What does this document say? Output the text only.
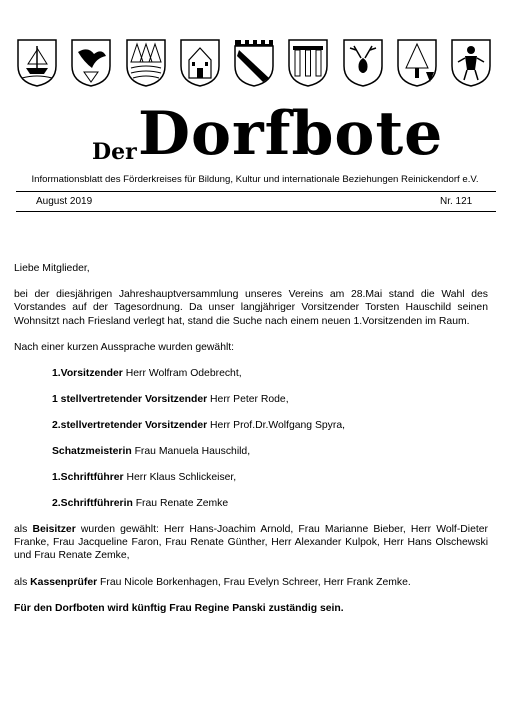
Der Dorfbote
Informationsblatt des Förderkreises für Bildung, Kultur und internationale Beziehungen Reinickendorf e.V.
August 2019	Nr. 121

Liebe Mitglieder,

bei der diesjährigen Jahreshauptversammlung unseres Vereins am 28.Mai stand die Wahl des Vorstandes auf der Tagesordnung. Da unser langjähriger Vorsitzender Torsten Hauschild seinen Wohnsitzt nach Friesland verlegt hat, stand die Suche nach einem neuen 1.Vorsitzenden im Raum.

Nach einer kurzen Aussprache wurden gewählt:

1.Vorsitzender Herr Wolfram Odebrecht,
1 stellvertretender Vorsitzender Herr Peter Rode,
2.stellvertretender Vorsitzender Herr Prof.Dr.Wolfgang Spyra,
Schatzmeisterin Frau Manuela Hauschild,
1.Schriftführer Herr Klaus Schlickeiser,
2.Schriftführerin Frau Renate Zemke

als Beisitzer wurden gewählt: Herr Hans-Joachim Arnold, Frau Marianne Bieber, Herr Wolf-Dieter Franke, Frau Jacqueline Faron, Frau Renate Günther, Herr Alexander Kulpok, Herr Hans Olschewski und Frau Renate Zemke,

als Kassenprüfer Frau Nicole Borkenhagen, Frau Evelyn Schreer, Herr Frank Zemke.

Für den Dorfboten wird künftig Frau Regine Panski zuständig sein.
